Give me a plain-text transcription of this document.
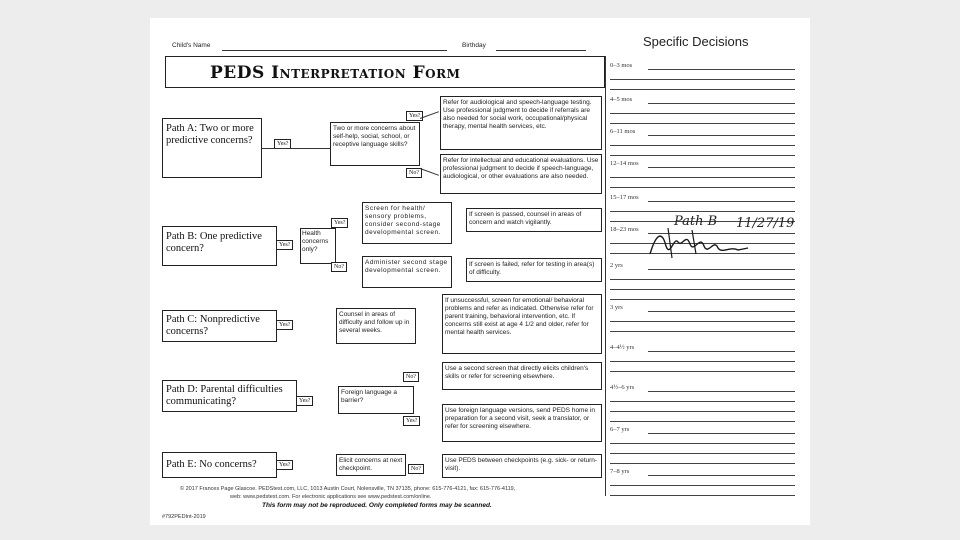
Child's Name	Birthday	Specific Decisions
PEDS Interpretation Form
Path A: Two or more predictive concerns?	Yes?
Two or more concerns about self-help, social, school, or receptive language skills?
Yes?
No?
Refer for audiological and speech-language testing. Use professional judgment to decide if referrals are also needed for social work, occupational/physical therapy, mental health services, etc.
Refer for intellectual and educational evaluations. Use professional judgment to decide if speech-language, audiological, or other evaluations are also needed.
Path B: One predictive concern?	Yes?
Health concerns only?
Yes?
No?
Screen for health/ sensory problems, consider second-stage developmental screen.
Administer second stage developmental screen.
If screen is passed, counsel in areas of concern and watch vigilantly.
If screen is failed, refer for testing in area(s) of difficulty.
Path C: Nonpredictive concerns?
Yes?
Counsel in areas of difficulty and follow up in several weeks.
If unsuccessful, screen for emotional/ behavioral problems and refer as indicated. Otherwise refer for parent training, behavioral intervention, etc. If concerns still exist at age 4 1/2 and older, refer for mental health services.
Path D: Parental difficulties communicating?	Yes?
Foreign language a barrier?
No?
Yes?
Use a second screen that directly elicits children's skills or refer for screening elsewhere.
Use foreign language versions, send PEDS home in preparation for a second visit, seek a translator, or refer for screening elsewhere.
Path E: No concerns?	Yes?
Elicit concerns at next checkpoint.	No?
Use PEDS between checkpoints (e.g. sick- or return-visit).
© 2017 Frances Page Glascoe. PEDStest.com, LLC, 1013 Austin Court, Nolensville, TN 37135, phone: 615-776-4121, fax: 615-776-4119,
web: www.pedstest.com. For electronic applications see www.pedstest.com/online.
This form may not be reproduced. Only completed forms may be scanned.
#792PEDInt-2019
0–3 mos
4–5 mos
6–11 mos
12–14 mos
15–17 mos
18–23 mos
2 yrs
3 yrs
4–4½ yrs
4½–6 yrs
6–7 yrs
7–8 yrs
Path B 11/27/19
